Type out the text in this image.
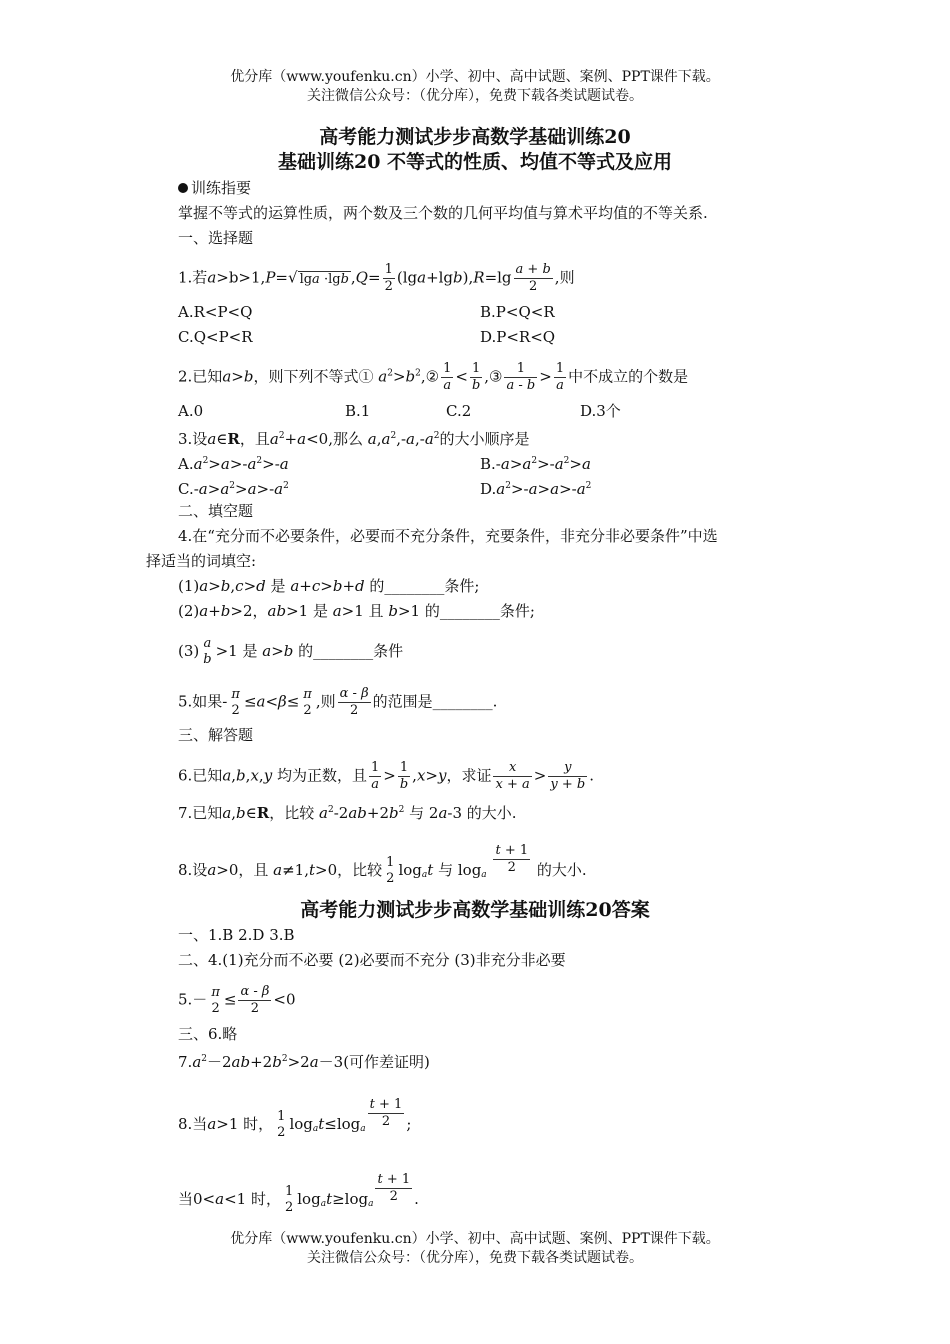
优分库（www.youfenku.cn）小学、初中、高中试题、案例、PPT课件下载。
关注微信公众号：（优分库），免费下载各类试题试卷。
高考能力测试步步高数学基础训练20
基础训练20 不等式的性质、均值不等式及应用
训练指要
掌握不等式的运算性质，两个数及三个数的几何平均值与算术平均值的不等关系.
一、选择题
1.若a>b>1,P=√ lga ·lgb $,Q= \frac{1}{2} (\lg a+\lg b),R=\lg \frac{a + b}{2}$ ,则
A.R<P<Q	B.P<Q<R
C.Q<P<R	D.P<R<Q
2.已知a>b，则下列不等式① $a^2>b^2,② \frac{1}{a} < \frac{1}{b}$ ,③ $\frac{1}{a - b} > \frac{1}{a}$ 中不成立的个数是
A.0	B.1	C.2	D.3个
3.设a∈R，且$a^2+a<0$,那么 $a,a^2,-a,-a^2$的大小顺序是
$A.a^2>a>-a^2>-a$	$B.-a>a^2>-a^2>a$
$C.-a>a^2>a>-a^2$	$D.a^2>-a>a>-a^2$
二、填空题
4.在“充分而不必要条件，必要而不充分条件，充要条件，非充分非必要条件”中选
择适当的词填空:
(1)a>b,c>d 是 a+c>b+d 的________条件;
(2)a+b>2，ab>1 是 a>1 且 b>1 的________条件;
(3) a
b >1 是 a>b 的________条件
5.如果- π
2 ≤a<β≤ π
2 ,则 $\frac{\alpha - \beta}{2}$ 的范围是________.
三、解答题
6.已知a,b,x,y 均为正数，且 $\frac{1}{a} > \frac{1}{b} ,x>y$，求证 $\frac{x}{x + a} > \frac{y}{y + b}$ .
7.已知a,b∈R，比较 $a^2-2ab+2b^2$ 与 2a-3 的大小.
8.设a>0，且 a≠1,t>0，比较 1
2 $\log_at$ 与 $\log_a \frac{t + 1}{2}$ 的大小.
高考能力测试步步高数学基础训练20答案
一、1.B 2.D 3.B
二、4.(1)充分而不必要 (2)必要而不充分 (3)非充分非必要
5.－ π
$2 \le \frac{\alpha - \beta}{2} <0$
三、6.略
$7.a^2-2ab+2b^2>2a-3$(可作差证明)
8.当a>1 时， 1
2 $\log_at\le\log_a \frac{t + 1}{2}$ ;
当0<a<1 时， 1
2 $\log_at\ge\log_a \frac{t + 1}{2}$ .
优分库（www.youfenku.cn）小学、初中、高中试题、案例、PPT课件下载。
关注微信公众号：（优分库），免费下载各类试题试卷。
